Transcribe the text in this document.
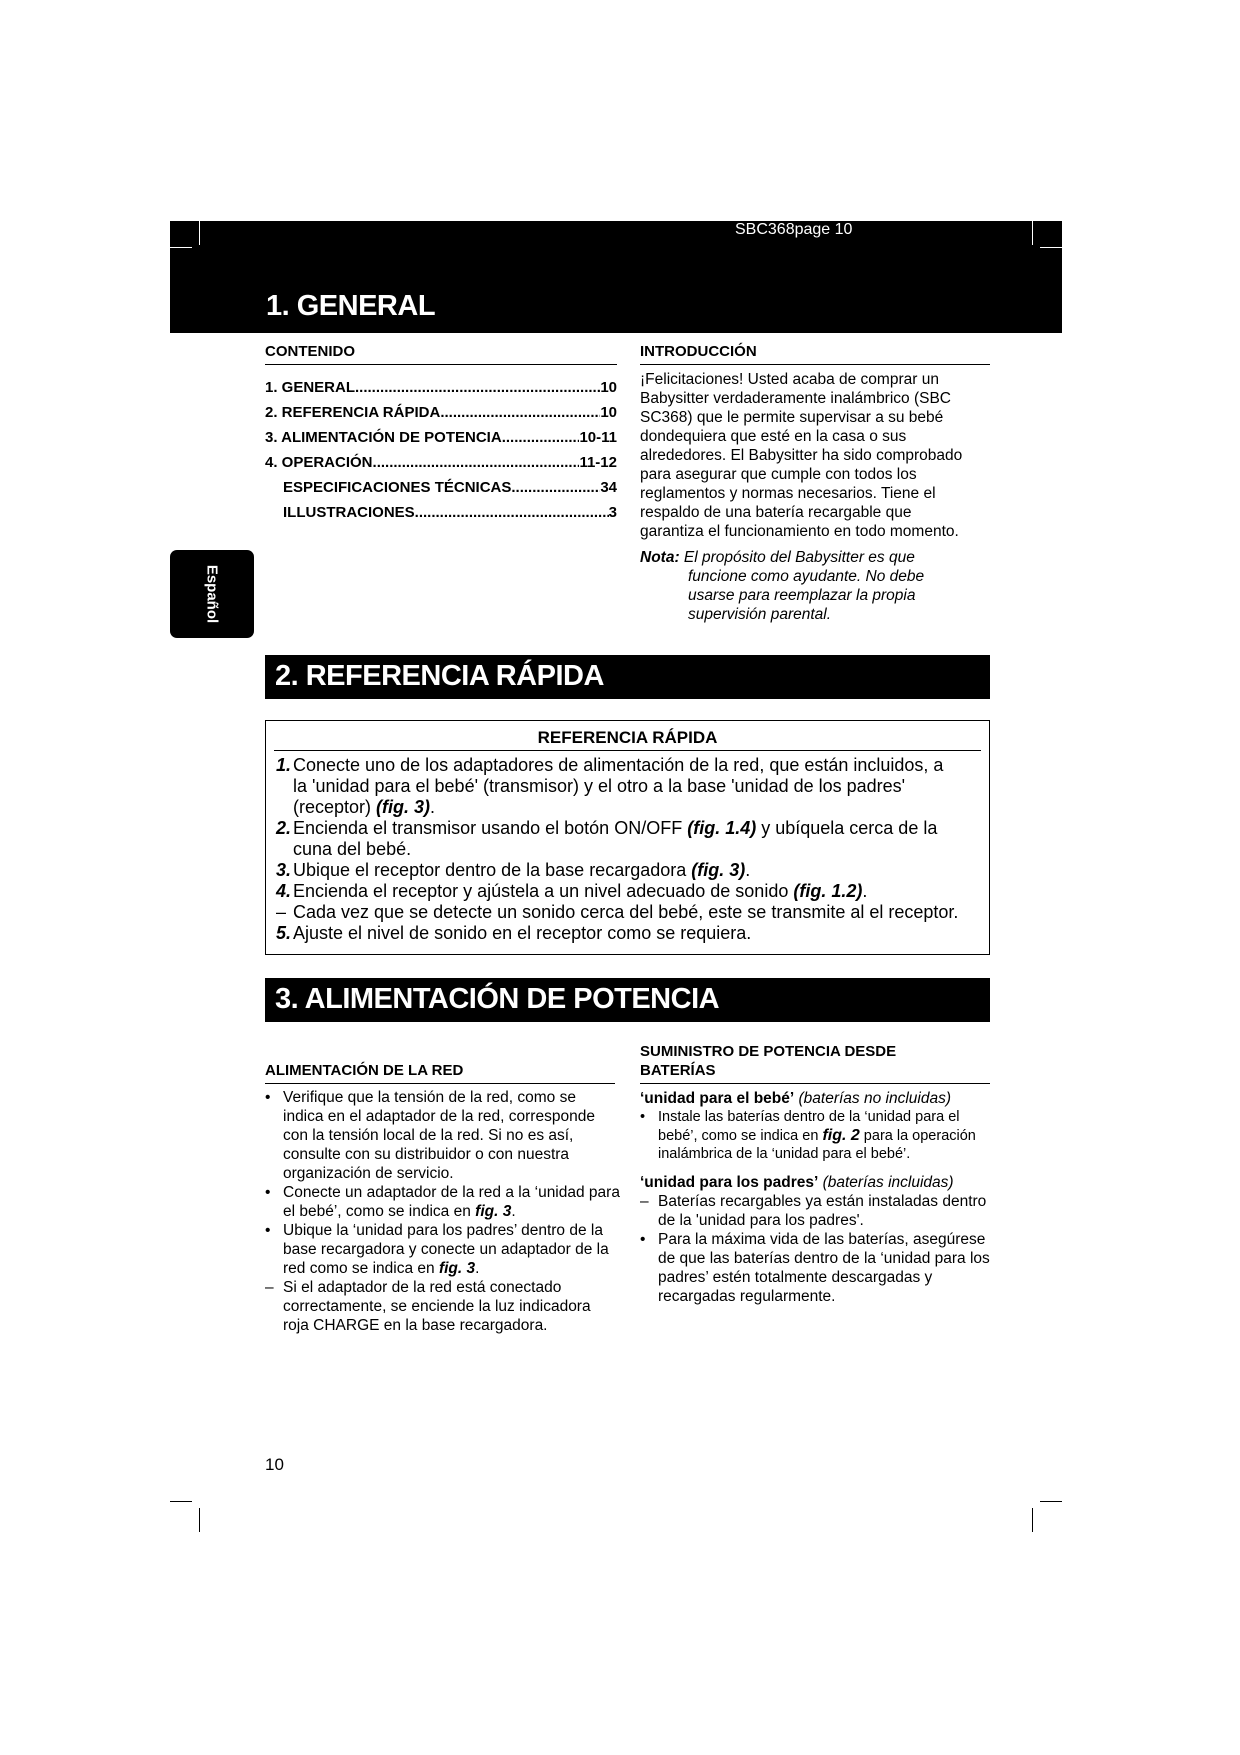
SBC368page 10
1. GENERAL
CONTENIDO
1. GENERAL .....	10
2. REFERENCIA RÁPIDA .....	10
3. ALIMENTACIÓN DE POTENCIA .....	10-11
4. OPERACIÓN .....	11-12
ESPECIFICACIONES TÉCNICAS .....	34
ILLUSTRACIONES .....	3
INTRODUCCIÓN
¡Felicitaciones! Usted acaba de comprar un
Babysitter verdaderamente inalámbrico (SBC
SC368) que le permite supervisar a su bebé
dondequiera que esté en la casa o sus
alrededores. El Babysitter ha sido comprobado
para asegurar que cumple con todos los
reglamentos y normas necesarios. Tiene el
respaldo de una batería recargable que
garantiza el funcionamiento en todo momento.
Nota: El propósito del Babysitter es que
funcione como ayudante. No debe
usarse para reemplazar la propia
supervisión parental.
Español
2. REFERENCIA RÁPIDA
REFERENCIA RÁPIDA
1. Conecte uno de los adaptadores de alimentación de la red, que están incluidos, a
la 'unidad para el bebé' (transmisor) y el otro a la base 'unidad de los padres'
(receptor) (fig. 3).
2. Encienda el transmisor usando el botón ON/OFF (fig. 1.4) y ubíquela cerca de la
cuna del bebé.
3. Ubique el receptor dentro de la base recargadora (fig. 3).
4. Encienda el receptor y ajústela a un nivel adecuado de sonido (fig. 1.2).
– Cada vez que se detecte un sonido cerca del bebé, este se transmite al el receptor.
5. Ajuste el nivel de sonido en el receptor como se requiera.
3. ALIMENTACIÓN DE POTENCIA
ALIMENTACIÓN DE LA RED
• Verifique que la tensión de la red, como se indica en el adaptador de la red, corresponde con la tensión local de la red. Si no es así, consulte con su distribuidor o con nuestra organización de servicio.
• Conecte un adaptador de la red a la ‘unidad para el bebé’, como se indica en fig. 3.
• Ubique la ‘unidad para los padres’ dentro de la base recargadora y conecte un adaptador de la red como se indica en fig. 3.
– Si el adaptador de la red está conectado correctamente, se enciende la luz indicadora roja CHARGE en la base recargadora.
SUMINISTRO DE POTENCIA DESDE
BATERÍAS
‘unidad para el bebé’ (baterías no incluidas)
• Instale las baterías dentro de la ‘unidad para el bebé’, como se indica en fig. 2 para la operación inalámbrica de la ‘unidad para el bebé’.
‘unidad para los padres’ (baterías incluidas)
– Baterías recargables ya están instaladas dentro de la 'unidad para los padres'.
• Para la máxima vida de las baterías, asegúrese de que las baterías dentro de la ‘unidad para los padres’ estén totalmente descargadas y recargadas regularmente.
10
